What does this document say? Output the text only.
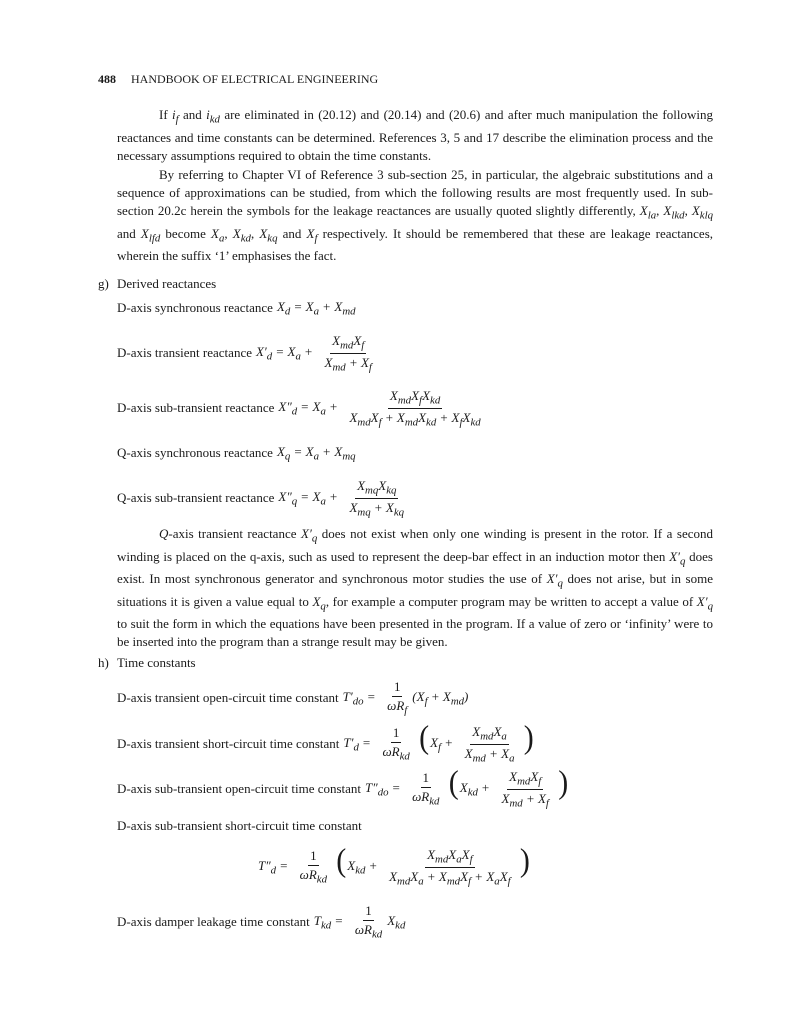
488 HANDBOOK OF ELECTRICAL ENGINEERING
If $i_f$ and $i_{kd}$ are eliminated in (20.12) and (20.14) and (20.6) and after much manipulation the following reactances and time constants can be determined. References 3, 5 and 17 describe the elimination process and the necessary assumptions required to obtain the time constants.
By referring to Chapter VI of Reference 3 sub-section 25, in particular, the algebraic substitutions and a sequence of approximations can be studied, from which the following results are most frequently used. In sub-section 20.2c herein the symbols for the leakage reactances are usually quoted slightly differently, $X_{la}$, $X_{lkd}$, $X_{klq}$ and $X_{lfd}$ become $X_a$, $X_{kd}$, $X_{kq}$ and $X_f$ respectively. It should be remembered that these are leakage reactances, wherein the suffix ‘1’ emphasises the fact.
g) Derived reactances
D-axis synchronous reactance $X_d = X_a + X_{md}$
D-axis transient reactance $X'_d = X_a + \frac{X_{md}X_f}{X_{md} + X_f}$
D-axis sub-transient reactance $X''_d = X_a + \frac{X_{md}X_fX_{kd}}{X_{md}X_f + X_{md}X_{kd} + X_fX_{kd}}$
Q-axis synchronous reactance $X_q = X_a + X_{mq}$
Q-axis sub-transient reactance $X''_q = X_a + \frac{X_{mq}X_{kq}}{X_{mq} + X_{kq}}$
Q-axis transient reactance $X'_q$ does not exist when only one winding is present in the rotor. If a second winding is placed on the q-axis, such as used to represent the deep-bar effect in an induction motor then $X'_q$ does exist. In most synchronous generator and synchronous motor studies the use of $X'_q$ does not arise, but in some situations it is given a value equal to $X_q$, for example a computer program may be written to accept a value of $X'_q$ to suit the form in which the equations have been presented in the program. If a value of zero or ‘infinity’ were to be inserted into the program than a strange result may be given.
h) Time constants
D-axis transient open-circuit time constant $T'_{do} = \frac{1}{\omega R_f} (X_f + X_{md})$
D-axis transient short-circuit time constant $T'_d = \frac{1}{\omega R_{kd}} (X_f + \frac{X_{md}X_a}{X_{md} + X_a}$ )
D-axis sub-transient open-circuit time constant $T''_{do} = \frac{1}{\omega R_{kd}} (X_{kd} + \frac{X_{md}X_f}{X_{md} + X_f}$ )
D-axis sub-transient short-circuit time constant
$T''_d = \frac{1}{\omega R_{kd}} (X_{kd} + \frac{X_{md}X_aX_f}{X_{md}X_a + X_{md}X_f + X_aX_f}$ )
D-axis damper leakage time constant $T_{kd} = \frac{1}{\omega R_{kd}} X_{kd}$
